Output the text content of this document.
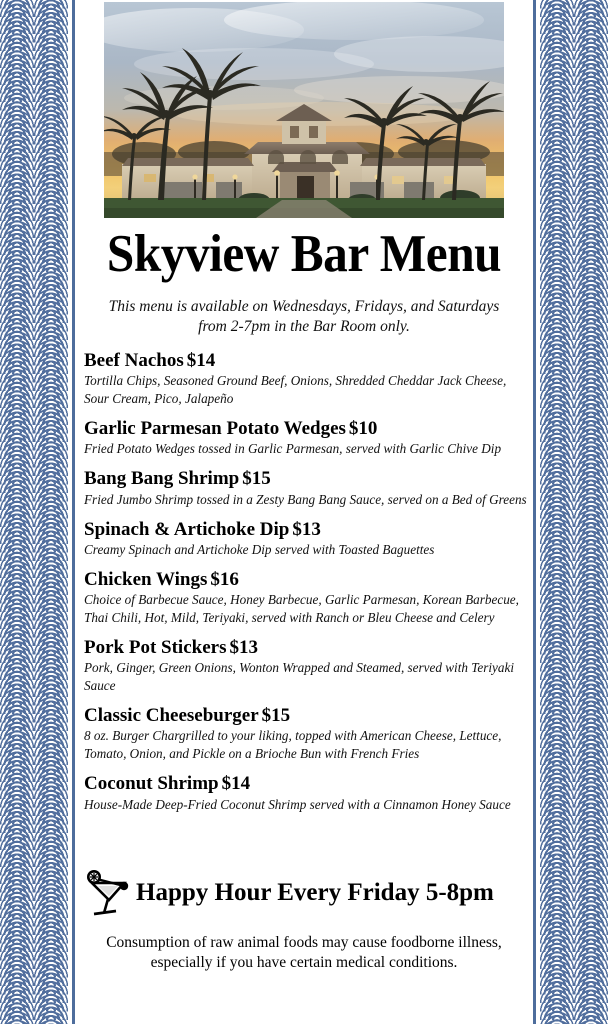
Skyview Bar Menu
This menu is available on Wednesdays, Fridays, and Saturdays
from 2-7pm in the Bar Room only.
Beef Nachos $14
Tortilla Chips, Seasoned Ground Beef, Onions, Shredded Cheddar Jack Cheese, Sour Cream, Pico, Jalapeño
Garlic Parmesan Potato Wedges $10
Fried Potato Wedges tossed in Garlic Parmesan, served with Garlic Chive Dip
Bang Bang Shrimp $15
Fried Jumbo Shrimp tossed in a Zesty Bang Bang Sauce, served on a Bed of Greens
Spinach & Artichoke Dip $13
Creamy Spinach and Artichoke Dip served with Toasted Baguettes
Chicken Wings $16
Choice of Barbecue Sauce, Honey Barbecue, Garlic Parmesan, Korean Barbecue, Thai Chili, Hot, Mild, Teriyaki, served with Ranch or Bleu Cheese and Celery
Pork Pot Stickers $13
Pork, Ginger, Green Onions, Wonton Wrapped and Steamed, served with Teriyaki Sauce
Classic Cheeseburger $15
8 oz. Burger Chargrilled to your liking, topped with American Cheese, Lettuce, Tomato, Onion, and Pickle on a Brioche Bun with French Fries
Coconut Shrimp $14
House-Made Deep-Fried Coconut Shrimp served with a Cinnamon Honey Sauce
Happy Hour Every Friday 5-8pm
Consumption of raw animal foods may cause foodborne illness,
especially if you have certain medical conditions.
